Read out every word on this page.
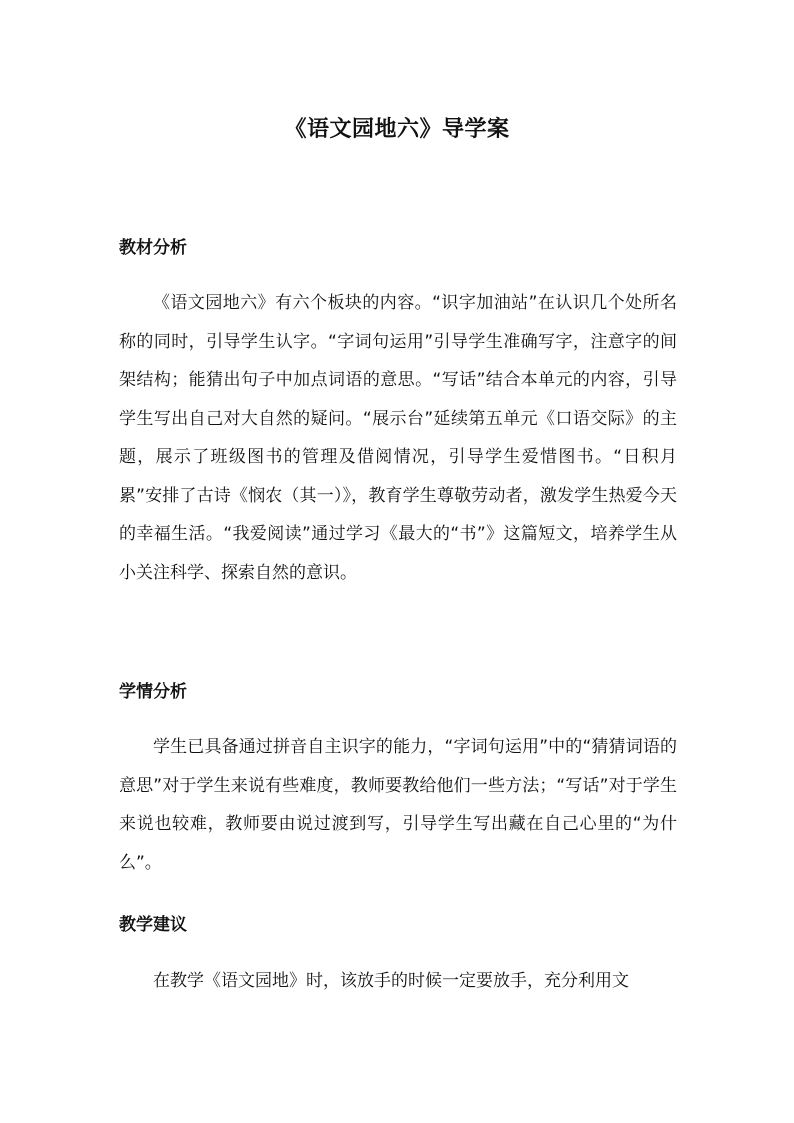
《语文园地六》导学案
教材分析

《语文园地六》有六个板块的内容。“识字加油站”在认识几个处所名称的同时，引导学生认字。“字词句运用”引导学生准确写字，注意字的间架结构；能猜出句子中加点词语的意思。“写话”结合本单元的内容，引导学生写出自己对大自然的疑问。“展示台”延续第五单元《口语交际》的主题，展示了班级图书的管理及借阅情况，引导学生爱惜图书。“日积月累”安排了古诗《悯农（其一）》，教育学生尊敬劳动者，激发学生热爱今天的幸福生活。“我爱阅读”通过学习《最大的“书”》这篇短文，培养学生从小关注科学、探索自然的意识。

学情分析

学生已具备通过拼音自主识字的能力，“字词句运用”中的“猜猜词语的意思”对于学生来说有些难度，教师要教给他们一些方法；“写话”对于学生来说也较难，教师要由说过渡到写，引导学生写出藏在自己心里的“为什么”。

教学建议

在教学《语文园地》时，该放手的时候一定要放手，充分利用文
